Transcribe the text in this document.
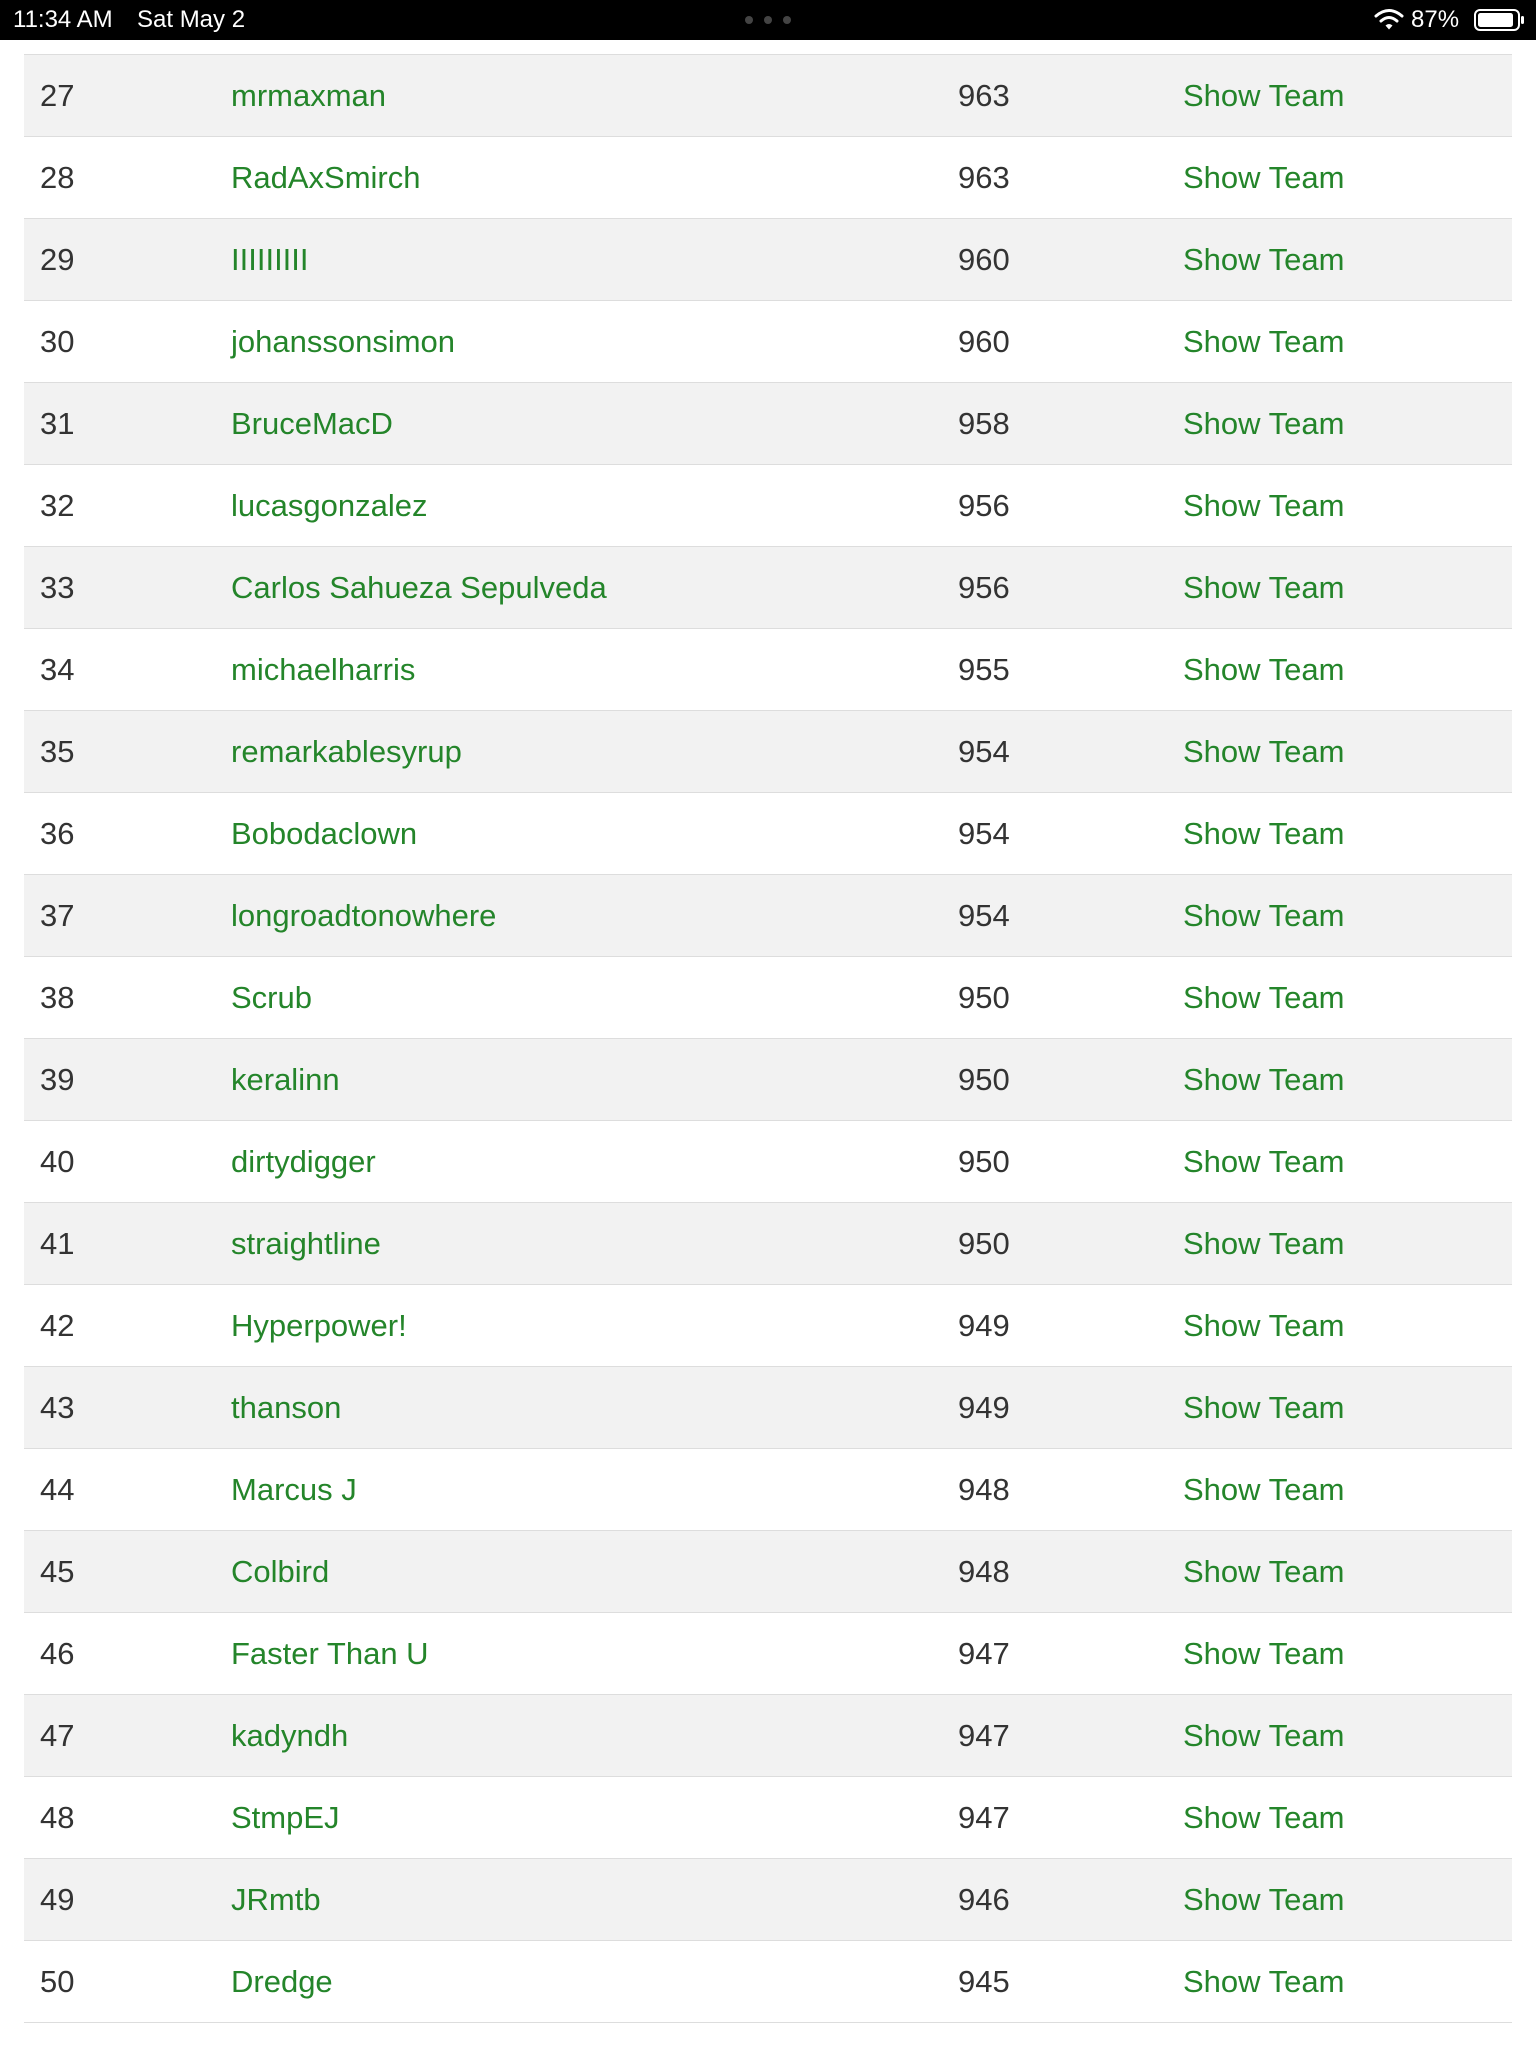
11:34 AM Sat May 2	87%
27	mrmaxman	963	Show Team
28	RadAxSmirch	963	Show Team
29	IIIIIIIII	960	Show Team
30	johanssonsimon	960	Show Team
31	BruceMacD	958	Show Team
32	lucasgonzalez	956	Show Team
33	Carlos Sahueza Sepulveda	956	Show Team
34	michaelharris	955	Show Team
35	remarkablesyrup	954	Show Team
36	Bobodaclown	954	Show Team
37	longroadtonowhere	954	Show Team
38	Scrub	950	Show Team
39	keralinn	950	Show Team
40	dirtydigger	950	Show Team
41	straightline	950	Show Team
42	Hyperpower!	949	Show Team
43	thanson	949	Show Team
44	Marcus J	948	Show Team
45	Colbird	948	Show Team
46	Faster Than U	947	Show Team
47	kadyndh	947	Show Team
48	StmpEJ	947	Show Team
49	JRmtb	946	Show Team
50	Dredge	945	Show Team
